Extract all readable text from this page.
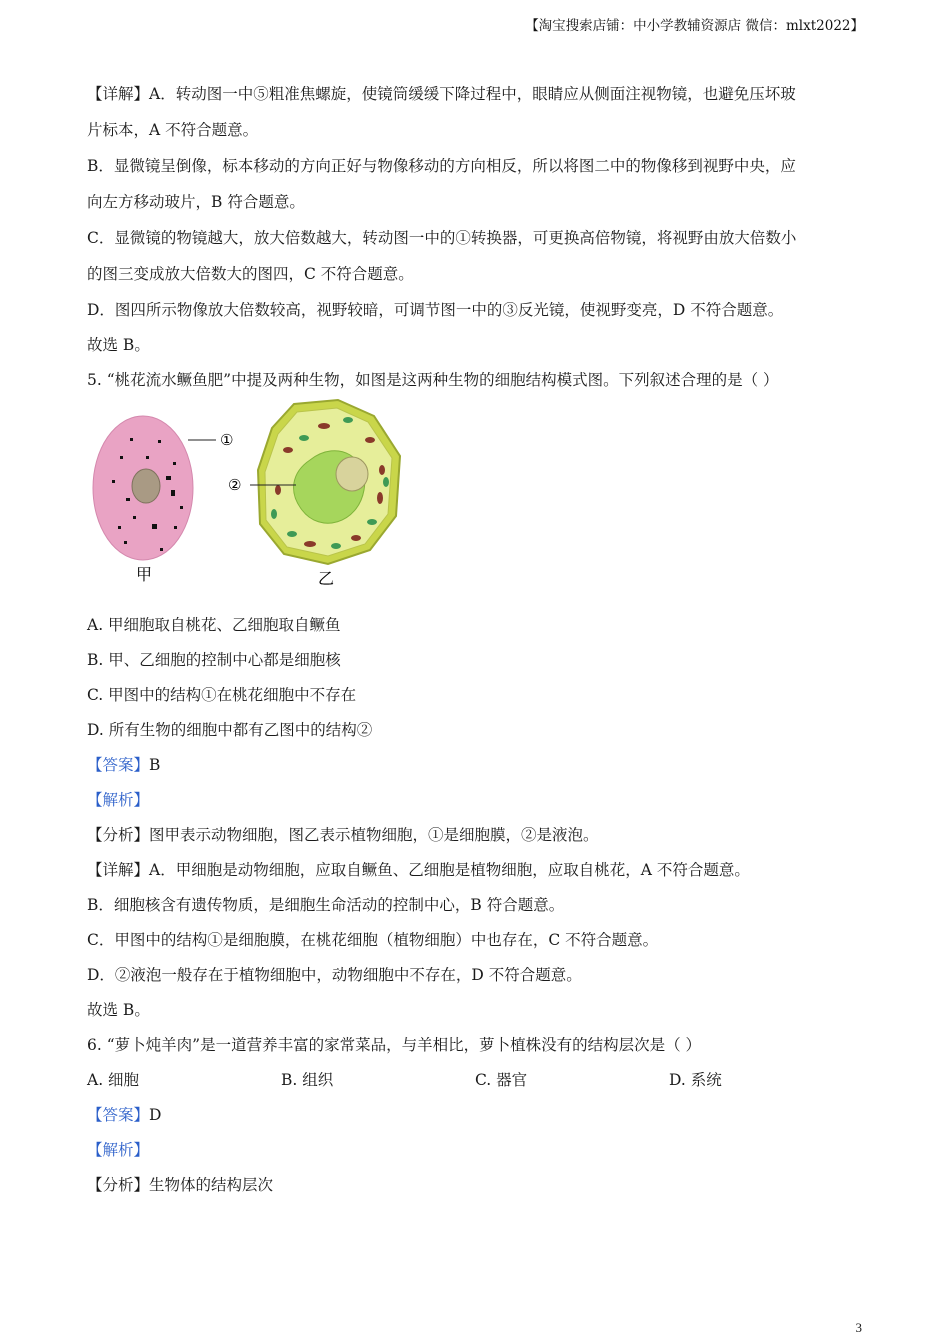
【淘宝搜索店铺：中小学教辅资源店 微信：mlxt2022】
【详解】A．转动图一中⑤粗准焦螺旋，使镜筒缓缓下降过程中，眼睛应从侧面注视物镜，也避免压坏玻
片标本，A 不符合题意。
B．显微镜呈倒像，标本移动的方向正好与物像移动的方向相反，所以将图二中的物像移到视野中央，应
向左方移动玻片，B 符合题意。
C．显微镜的物镜越大，放大倍数越大，转动图一中的①转换器，可更换高倍物镜，将视野由放大倍数小
的图三变成放大倍数大的图四，C 不符合题意。
D．图四所示物像放大倍数较高，视野较暗，可调节图一中的③反光镜，使视野变亮，D 不符合题意。
故选 B。
5. “桃花流水鳜鱼肥”中提及两种生物，如图是这两种生物的细胞结构模式图。下列叙述合理的是（ ）
①
②
甲	乙
A. 甲细胞取自桃花、乙细胞取自鳜鱼
B. 甲、乙细胞的控制中心都是细胞核
C. 甲图中的结构①在桃花细胞中不存在
D. 所有生物的细胞中都有乙图中的结构②
【答案】B
【解析】
【分析】图甲表示动物细胞，图乙表示植物细胞，①是细胞膜，②是液泡。
【详解】A．甲细胞是动物细胞，应取自鳜鱼、乙细胞是植物细胞，应取自桃花，A 不符合题意。
B．细胞核含有遗传物质，是细胞生命活动的控制中心，B 符合题意。
C．甲图中的结构①是细胞膜，在桃花细胞（植物细胞）中也存在，C 不符合题意。
D．②液泡一般存在于植物细胞中，动物细胞中不存在，D 不符合题意。
故选 B。
6. “萝卜炖羊肉”是一道营养丰富的家常菜品，与羊相比，萝卜植株没有的结构层次是（ ）
A. 细胞	B. 组织	C. 器官	D. 系统
【答案】D
【解析】
【分析】生物体的结构层次
3
